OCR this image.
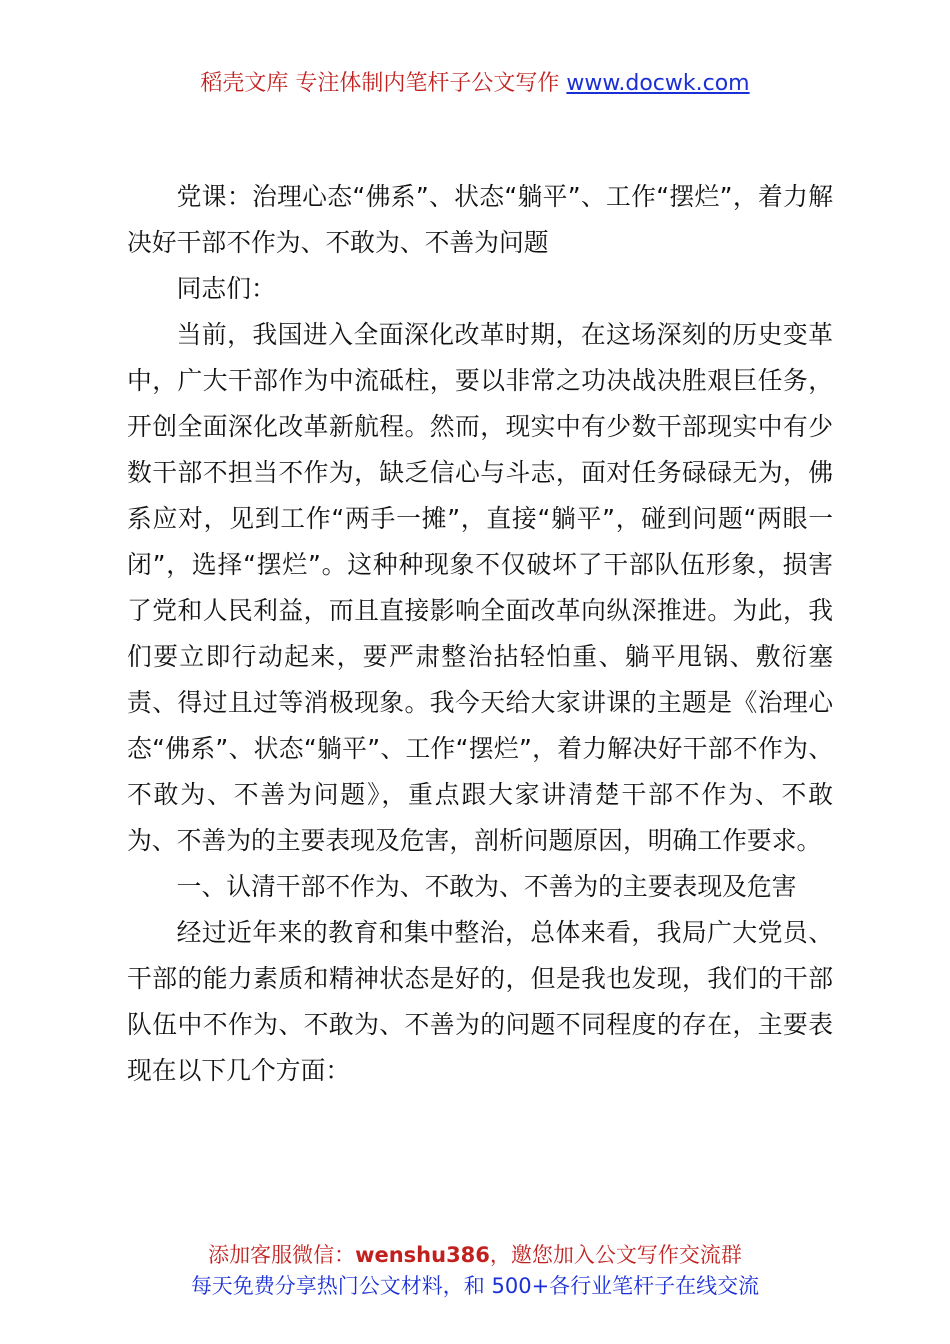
稻壳文库 专注体制内笔杆子公文写作 www.docwk.com

党课：治理心态“佛系”、状态“躺平”、工作“摆烂”，着力解决好干部不作为、不敢为、不善为问题

同志们：

当前，我国进入全面深化改革时期，在这场深刻的历史变革中，广大干部作为中流砥柱，要以非常之功决战决胜艰巨任务，开创全面深化改革新航程。然而，现实中有少数干部现实中有少数干部不担当不作为，缺乏信心与斗志，面对任务碌碌无为，佛系应对，见到工作“两手一摊”，直接“躺平”，碰到问题“两眼一闭”，选择“摆烂”。这种种现象不仅破坏了干部队伍形象，损害了党和人民利益，而且直接影响全面改革向纵深推进。为此，我们要立即行动起来，要严肃整治拈轻怕重、躺平甩锅、敷衍塞责、得过且过等消极现象。我今天给大家讲课的主题是《治理心态“佛系”、状态“躺平”、工作“摆烂”，着力解决好干部不作为、不敢为、不善为问题》，重点跟大家讲清楚干部不作为、不敢为、不善为的主要表现及危害，剖析问题原因，明确工作要求。

一、认清干部不作为、不敢为、不善为的主要表现及危害

经过近年来的教育和集中整治，总体来看，我局广大党员、干部的能力素质和精神状态是好的，但是我也发现，我们的干部队伍中不作为、不敢为、不善为的问题不同程度的存在，主要表现在以下几个方面：

添加客服微信：wenshu386，邀您加入公文写作交流群
每天免费分享热门公文材料，和 500+各行业笔杆子在线交流
